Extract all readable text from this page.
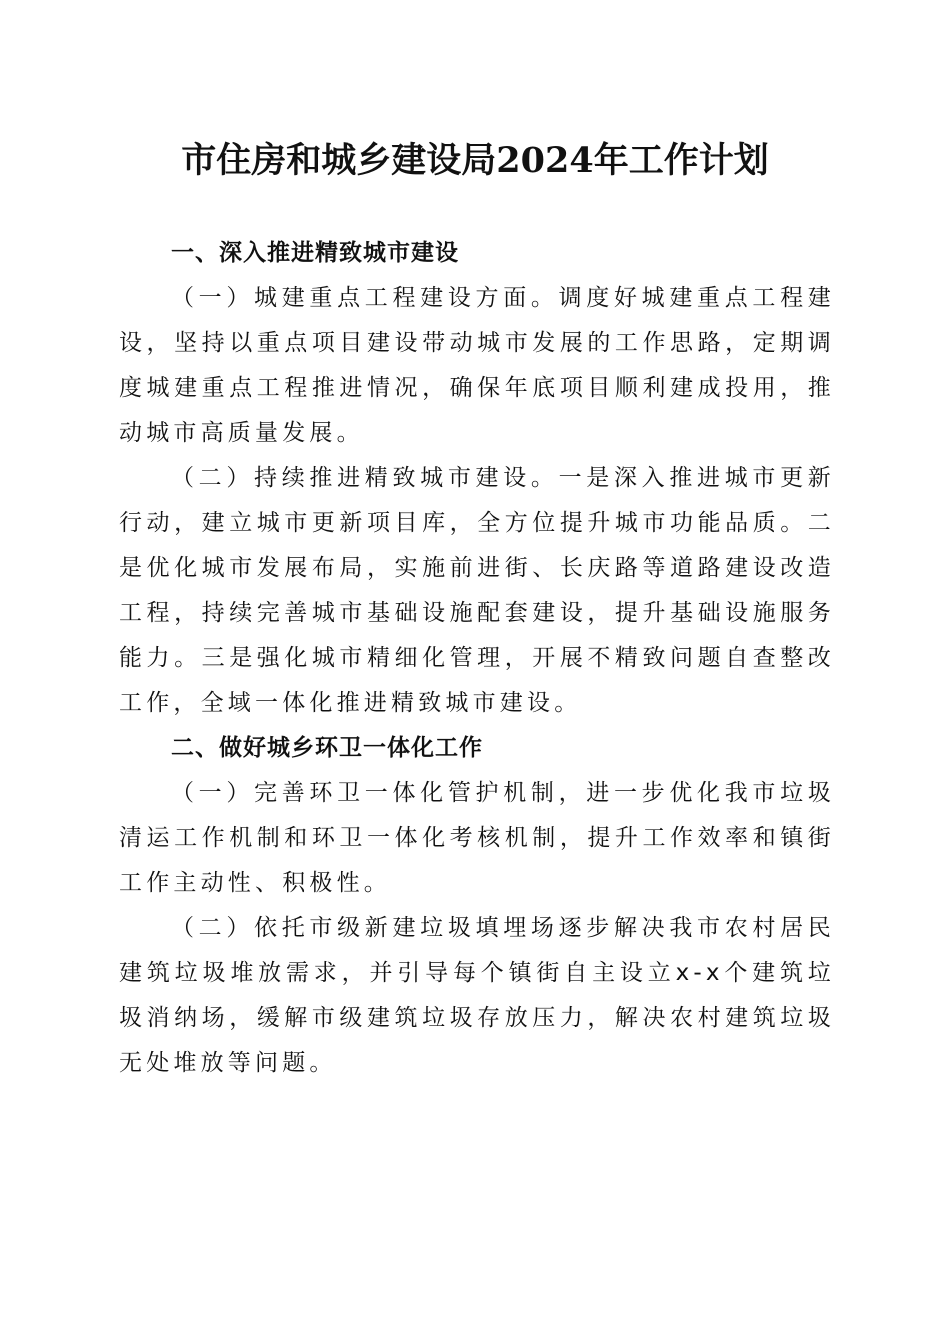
市住房和城乡建设局2024年工作计划

一、深入推进精致城市建设

（一）城建重点工程建设方面。调度好城建重点工程建设，坚持以重点项目建设带动城市发展的工作思路，定期调度城建重点工程推进情况，确保年底项目顺利建成投用，推动城市高质量发展。

（二）持续推进精致城市建设。一是深入推进城市更新行动，建立城市更新项目库，全方位提升城市功能品质。二是优化城市发展布局，实施前进街、长庆路等道路建设改造工程，持续完善城市基础设施配套建设，提升基础设施服务能力。三是强化城市精细化管理，开展不精致问题自查整改工作，全域一体化推进精致城市建设。

二、做好城乡环卫一体化工作

（一）完善环卫一体化管护机制，进一步优化我市垃圾清运工作机制和环卫一体化考核机制，提升工作效率和镇街工作主动性、积极性。

（二）依托市级新建垃圾填埋场逐步解决我市农村居民建筑垃圾堆放需求，并引导每个镇街自主设立x-x个建筑垃圾消纳场，缓解市级建筑垃圾存放压力，解决农村建筑垃圾无处堆放等问题。
